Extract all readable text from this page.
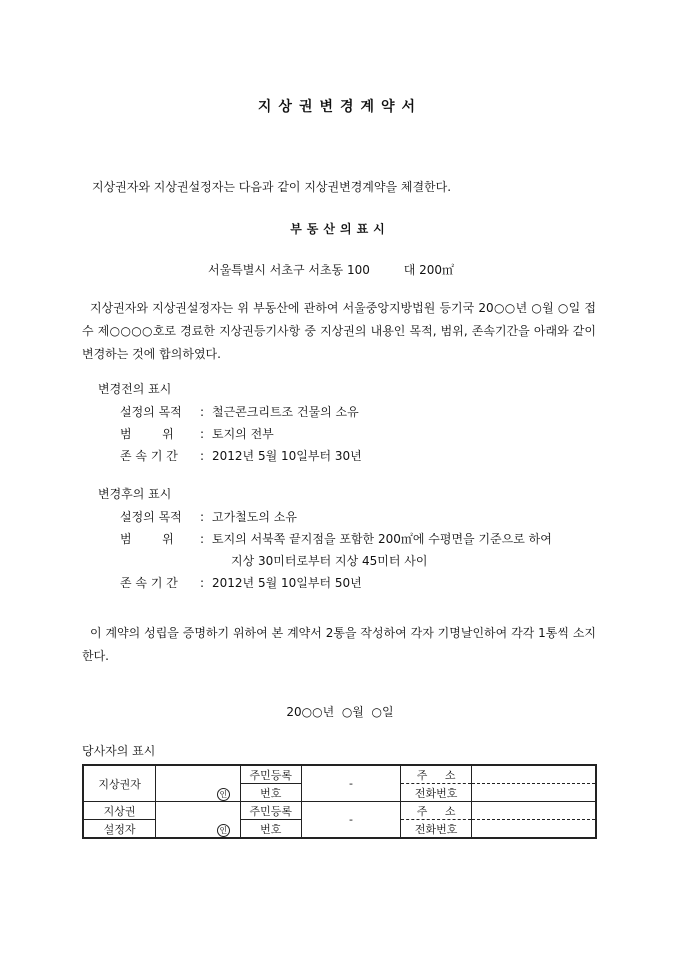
지상권변경계약서
지상권자와 지상권설정자는 다음과 같이 지상권변경계약을 체결한다.
부동산의표시
서울특별시 서초구 서초동 100	대 200㎡
지상권자와 지상권설정자는 위 부동산에 관하여 서울중앙지방법원 등기국 20○○년 ○월 ○일 접수 제○○○○호로 경료한 지상권등기사항 중 지상권의 내용인 목적, 범위, 존속기간을 아래와 같이 변경하는 것에 합의하였다.
변경전의 표시
설정의 목적 : 철근콘크리트조 건물의 소유
범        위 : 토지의 전부
존 속 기 간 : 2012년 5월 10일부터 30년
변경후의 표시
설정의 목적 : 고가철도의 소유
범        위 : 토지의 서북쪽 끝지점을 포함한 200㎡에 수평면을 기준으로 하여
지상 30미터로부터 지상 45미터 사이
존 속 기 간 : 2012년 5월 10일부터 50년
이 계약의 성립을 증명하기 위하여 본 계약서 2통을 작성하여 각자 기명날인하여 각각 1통씩 소지한다.
20○○년  ○월  ○일
당사자의 표시
지상권자	인	주민등록	-	주     소	
		번호		전화번호	
지상권	인	주민등록	-	주     소	
설정자		번호		전화번호	
